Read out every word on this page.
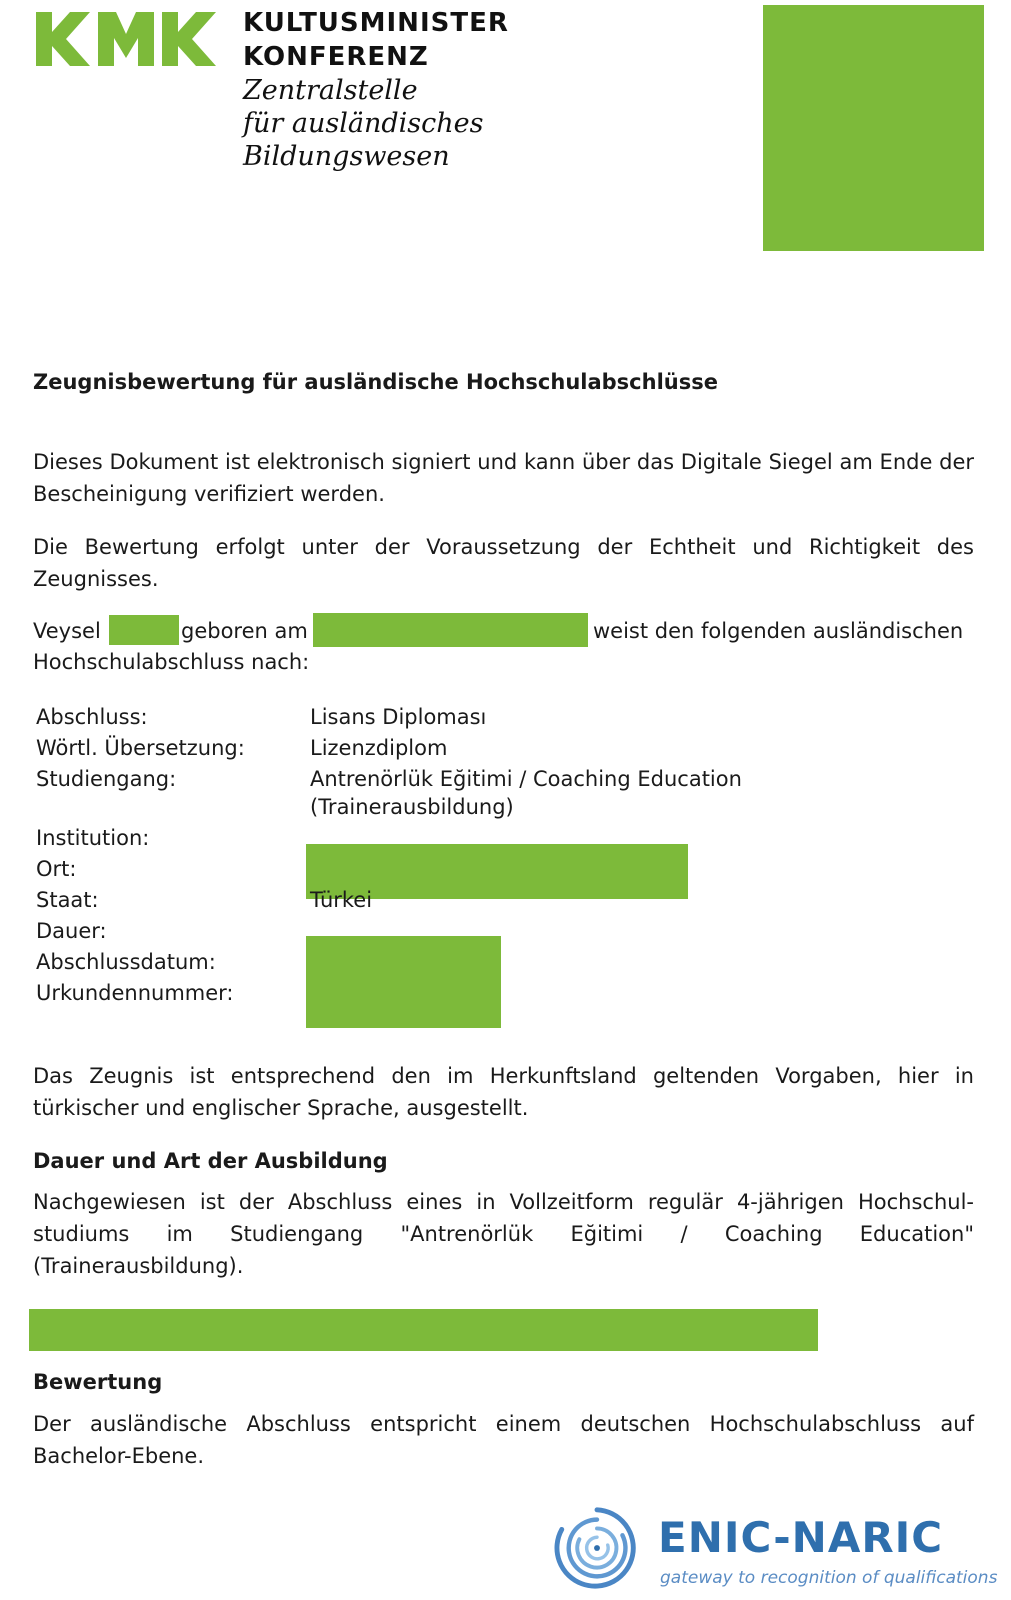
KULTUSMINISTER
KONFERENZ
Zentralstelle
für ausländisches
Bildungswesen
Zeugnisbewertung für ausländische Hochschulabschlüsse

Dieses Dokument ist elektronisch signiert und kann über das Digitale Siegel am Ende der Bescheinigung verifiziert werden.

Die Bewertung erfolgt unter der Voraussetzung der Echtheit und Richtigkeit des Zeugnisses.

Veysel	geboren am	weist den folgenden ausländischen
Hochschulabschluss nach:
Abschluss:	Lisans Diploması
Wörtl. Übersetzung:	Lizenzdiplom
Studiengang:	Antrenörlük Eğitimi / Coaching Education
(Trainerausbildung)
Institution:
Ort:
Staat:	Türkei
Dauer:
Abschlussdatum:
Urkundennummer:

Das Zeugnis ist entsprechend den im Herkunftsland geltenden Vorgaben, hier in türkischer und englischer Sprache, ausgestellt.

Dauer und Art der Ausbildung

Nachgewiesen ist der Abschluss eines in Vollzeitform regulär 4-jährigen Hochschul-

studiums im Studiengang "Antrenörlük Eğitimi / Coaching Education"

(Trainerausbildung).

Bewertung

Der ausländische Abschluss entspricht einem deutschen Hochschulabschluss auf Bachelor-Ebene.

ENIC-NARIC
gateway to recognition of qualifications
